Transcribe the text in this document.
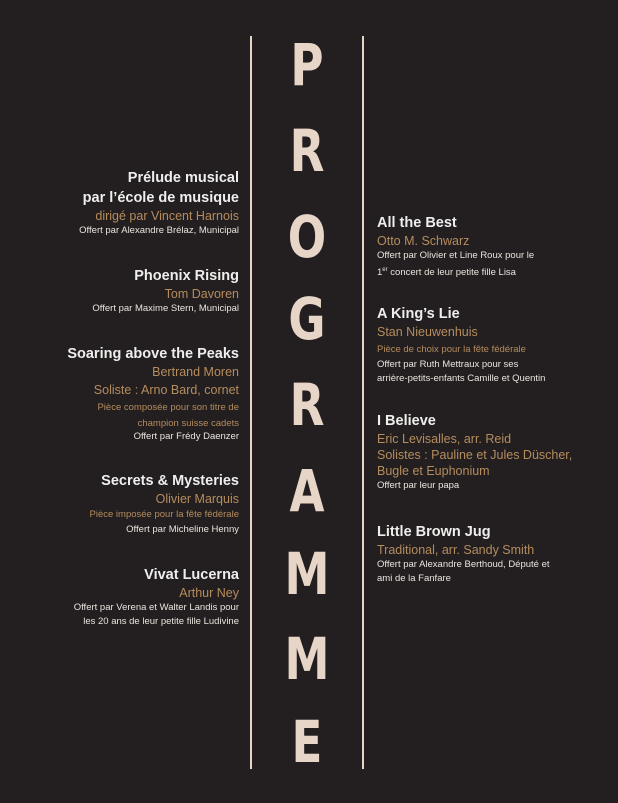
P
R
O
G
R
A
M
M
E
Prélude musical
par l’école de musique
dirigé par Vincent Harnois
Offert par Alexandre Brélaz, Municipal
Phoenix Rising
Tom Davoren
Offert par Maxime Stern, Municipal
Soaring above the Peaks
Bertrand Moren
Soliste : Arno Bard, cornet
Pièce composée pour son titre de
champion suisse cadets
Offert par Frédy Daenzer
Secrets & Mysteries
Olivier Marquis
Pièce imposée pour la fête fédérale
Offert par Micheline Henny
Vivat Lucerna
Arthur Ney
Offert par Verena et Walter Landis pour
les 20 ans de leur petite fille Ludivine
All the Best
Otto M. Schwarz
Offert par Olivier et Line Roux pour le
1er concert de leur petite fille Lisa
A King’s Lie
Stan Nieuwenhuis
Pièce de choix pour la fête fédérale
Offert par Ruth Mettraux pour ses
arrière-petits-enfants Camille et Quentin
I Believe
Eric Levisalles, arr. Reid
Solistes : Pauline et Jules Düscher,
Bugle et Euphonium
Offert par leur papa
Little Brown Jug
Traditional, arr. Sandy Smith
Offert par Alexandre Berthoud, Député et
ami de la Fanfare
